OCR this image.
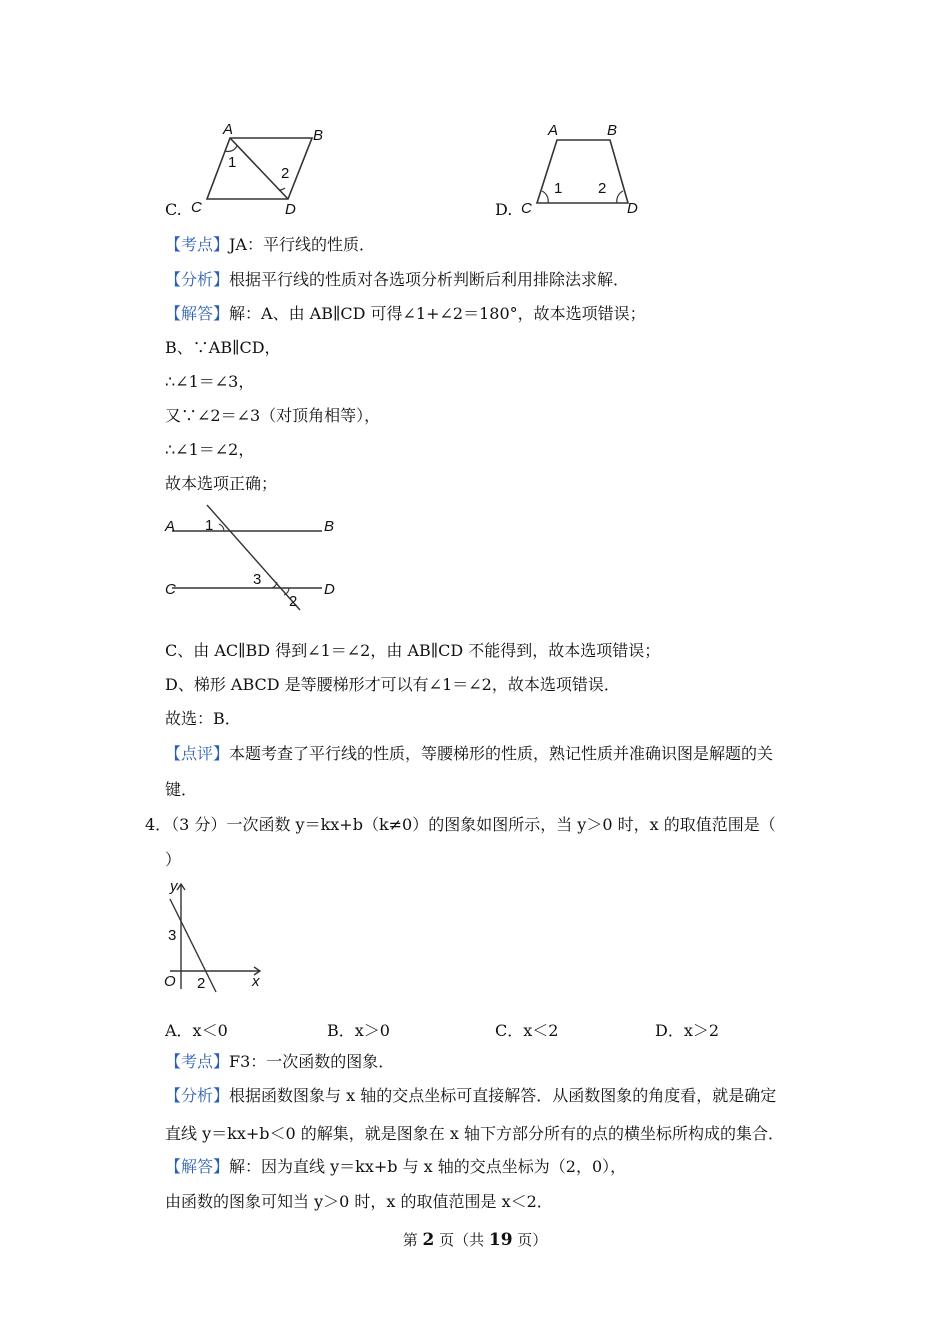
C.
A	B
C	D
1
2
D.
A	B
C	D
1 2
【考点】JA：平行线的性质．
【分析】根据平行线的性质对各选项分析判断后利用排除法求解．
【解答】解：A、由 AB∥CD 可得∠1+∠2＝180°，故本选项错误；
B、∵AB∥CD，
∴∠1＝∠3，
又∵∠2＝∠3（对顶角相等），
∴∠1＝∠2，
故本选项正确；
A	B
C	D
1
3
2
C、由 AC∥BD 得到∠1＝∠2，由 AB∥CD 不能得到，故本选项错误；
D、梯形 ABCD 是等腰梯形才可以有∠1＝∠2，故本选项错误．
故选：B．
【点评】本题考查了平行线的性质，等腰梯形的性质，熟记性质并准确识图是解题的关
键．
4．（3 分）一次函数 y＝kx+b（k≠0）的图象如图所示，当 y＞0 时，x 的取值范围是（
）
y
x
O
3
2
A．x＜0	B．x＞0	C．x＜2	D．x＞2
【考点】F3：一次函数的图象．
【分析】根据函数图象与 x 轴的交点坐标可直接解答．从函数图象的角度看，就是确定
直线 y＝kx+b＜0 的解集，就是图象在 x 轴下方部分所有的点的横坐标所构成的集合．
【解答】解：因为直线 y＝kx+b 与 x 轴的交点坐标为（2，0），
由函数的图象可知当 y＞0 时，x 的取值范围是 x＜2．
第 2 页（共 19 页）
